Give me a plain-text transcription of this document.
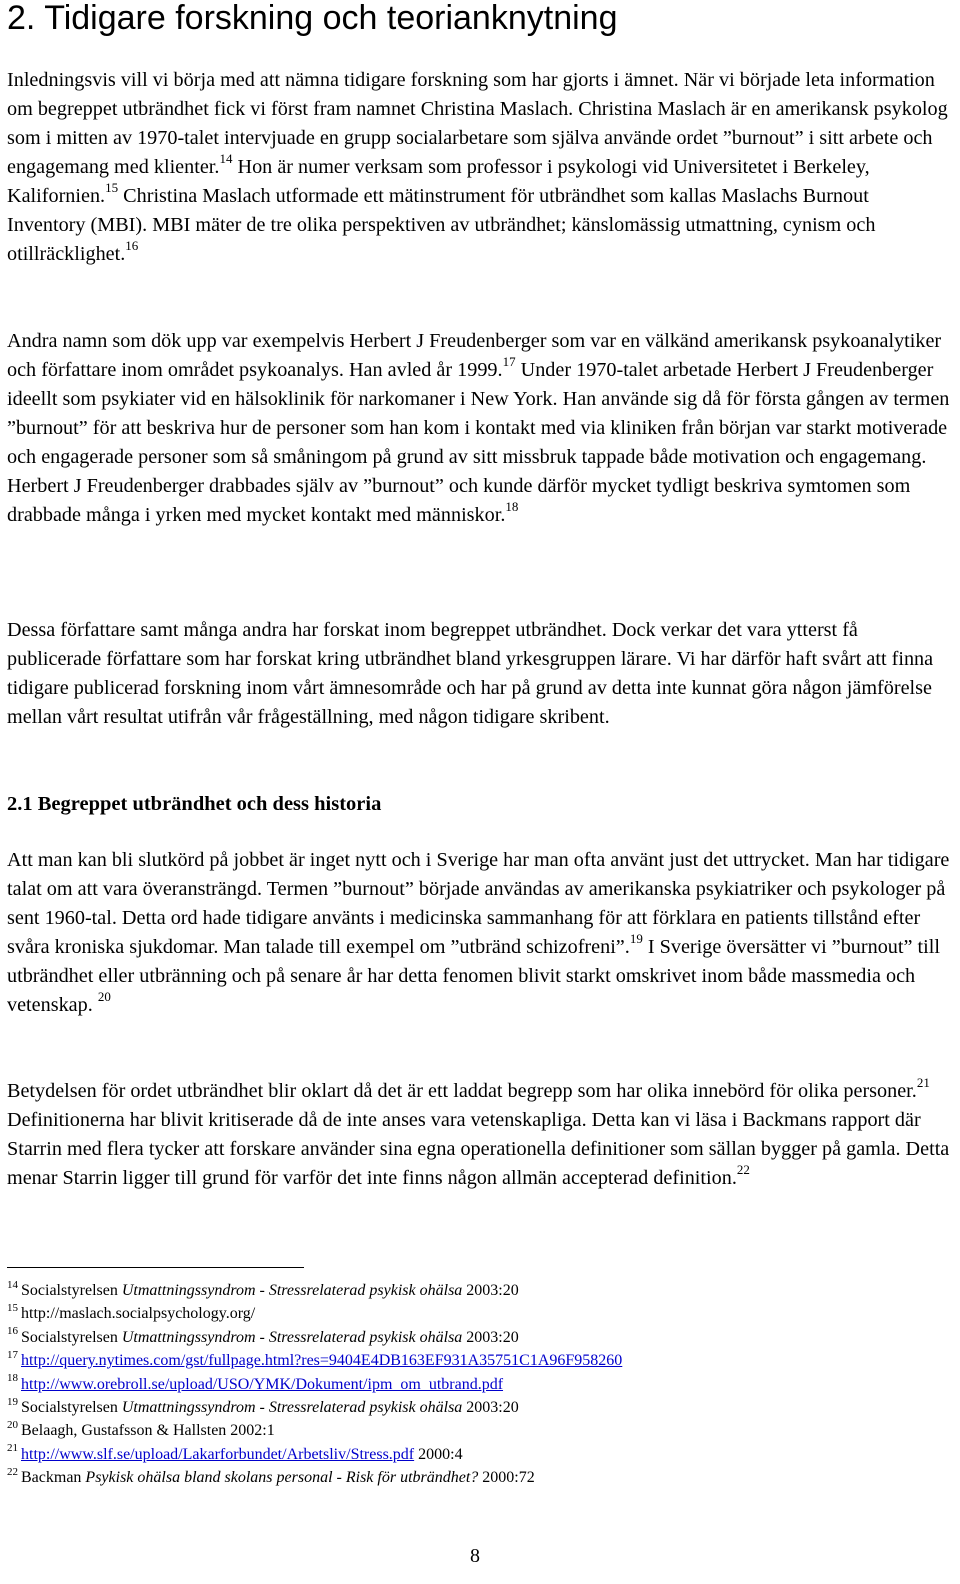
2. Tidigare forskning och teorianknytning

Inledningsvis vill vi börja med att nämna tidigare forskning som har gjorts i ämnet. När vi började leta information om begreppet utbrändhet fick vi först fram namnet Christina Maslach. Christina Maslach är en amerikansk psykolog som i mitten av 1970-talet intervjuade en grupp socialarbetare som själva använde ordet ”burnout” i sitt arbete och engagemang med klienter.$^{14}$ Hon är numer verksam som professor i psykologi vid Universitetet i Berkeley, Kalifornien.$^{15}$ Christina Maslach utformade ett mätinstrument för utbrändhet som kallas Maslachs Burnout Inventory (MBI). MBI mäter de tre olika perspektiven av utbrändhet; känslomässig utmattning, cynism och otillräcklighet.$^{16}$

Andra namn som dök upp var exempelvis Herbert J Freudenberger som var en välkänd amerikansk psykoanalytiker och författare inom området psykoanalys. Han avled år 1999.17 Under 1970-talet arbetade Herbert J Freudenberger ideellt som psykiater vid en hälsoklinik för narkomaner i New York. Han använde sig då för första gången av termen ”burnout” för att beskriva hur de personer som han kom i kontakt med via kliniken från början var starkt motiverade och engagerade personer som så småningom på grund av sitt missbruk tappade både motivation och engagemang. Herbert J Freudenberger drabbades själv av ”burnout” och kunde därför mycket tydligt beskriva symtomen som drabbade många i yrken med mycket kontakt med människor.$^{18}$

Dessa författare samt många andra har forskat inom begreppet utbrändhet. Dock verkar det vara ytterst få publicerade författare som har forskat kring utbrändhet bland yrkesgruppen lärare. Vi har därför haft svårt att finna tidigare publicerad forskning inom vårt ämnesområde och har på grund av detta inte kunnat göra någon jämförelse mellan vårt resultat utifrån vår frågeställning, med någon tidigare skribent.

2.1 Begreppet utbrändhet och dess historia

Att man kan bli slutkörd på jobbet är inget nytt och i Sverige har man ofta använt just det uttrycket. Man har tidigare talat om att vara överansträngd. Termen ”burnout” började användas av amerikanska psykiatriker och psykologer på sent 1960-tal. Detta ord hade tidigare använts i medicinska sammanhang för att förklara en patients tillstånd efter svåra kroniska sjukdomar. Man talade till exempel om ”utbränd schizofreni”.$^{19}$ I Sverige översätter vi ”burnout” till utbrändhet eller utbränning och på senare år har detta fenomen blivit starkt omskrivet inom både massmedia och vetenskap. $^{20}$

Betydelsen för ordet utbrändhet blir oklart då det är ett laddat begrepp som har olika innebörd för olika personer.$^{21}$ Definitionerna har blivit kritiserade då de inte anses vara vetenskapliga. Detta kan vi läsa i Backmans rapport där Starrin med flera tycker att forskare använder sina egna operationella definitioner som sällan bygger på gamla. Detta menar Starrin ligger till grund för varför det inte finns någon allmän accepterad definition.$^{22}$

$^{14}$ Socialstyrelsen Utmattningssyndrom - Stressrelaterad psykisk ohälsa 2003:20
$^{15}$ http://maslach.socialpsychology.org/
$^{16}$ Socialstyrelsen Utmattningssyndrom - Stressrelaterad psykisk ohälsa 2003:20
$^{17}$ http://query.nytimes.com/gst/fullpage.html?res=9404E4DB163EF931A35751C1A96F958260
$^{18}$ http://www.orebroll.se/upload/USO/YMK/Dokument/ipm_om_utbrand.pdf
$^{19}$ Socialstyrelsen Utmattningssyndrom - Stressrelaterad psykisk ohälsa 2003:20
$^{20}$ Belaagh, Gustafsson & Hallsten 2002:1
$^{21}$ http://www.slf.se/upload/Lakarforbundet/Arbetsliv/Stress.pdf 2000:4
$^{22}$ Backman Psykisk ohälsa bland skolans personal - Risk för utbrändhet? 2000:72
8
